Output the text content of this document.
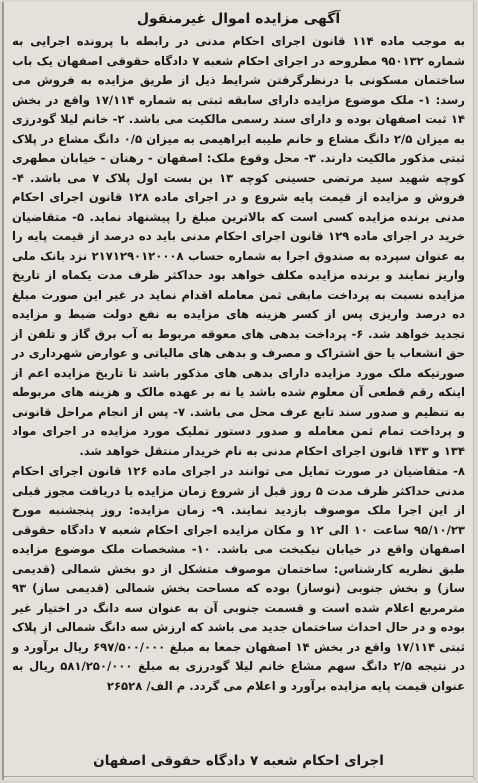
آگهی مزایده اموال غیرمنقول

به موجب ماده ۱۱۴ قانون اجرای احکام مدنی در رابطه با پرونده اجرایی به شماره ۹۵۰۱۳۲ مطروحه در اجرای احکام شعبه ۷ دادگاه حقوقی اصفهان یک باب ساختمان مسکونی با درنظرگرفتن شرایط ذیل از طریق مزایده به فروش می رسد: ۱- ملک موضوع مزایده دارای سابقه ثبتی به شماره ۱۷/۱۱۴ واقع در بخش ۱۴ ثبت اصفهان بوده و دارای سند رسمی مالکیت می باشد. ۲- خانم لیلا گودرزی به میزان ۲/۵ دانگ مشاع و خانم طیبه ابراهیمی به میزان ۰/۵ دانگ مشاع در پلاک ثبتی مذکور مالکیت دارند. ۳- محل وقوع ملک: اصفهان - رهنان - خیابان مطهری کوچه شهید سید مرتضی حسینی کوچه ۱۳ بن بست اول پلاک ۷ می باشد. ۴- فروش و مزایده از قیمت پایه شروع و در اجرای ماده ۱۲۸ قانون اجرای احکام مدنی برنده مزایده کسی است که بالاترین مبلغ را پیشنهاد نماید. ۵- متقاضیان خرید در اجرای ماده ۱۲۹ قانون اجرای احکام مدنی باید ده درصد از قیمت پایه را به عنوان سپرده به صندوق اجرا به شماره حساب ۲۱۷۱۲۹۰۱۲۰۰۰۸ نزد بانک ملی واریز نمایند و برنده مزایده مکلف خواهد بود حداکثر ظرف مدت یکماه از تاریخ مزایده نسبت به پرداخت مابقی ثمن معامله اقدام نماید در غیر این صورت مبلغ ده درصد واریزی پس از کسر هزینه های مزایده به نفع دولت ضبط و مزایده تجدید خواهد شد. ۶- پرداخت بدهی های معوقه مربوط به آب برق گاز و تلفن از حق انشعاب یا حق اشتراک و مصرف و بدهی های مالیاتی و عوارض شهرداری در صورتیکه ملک مورد مزایده دارای بدهی های مذکور باشد تا تاریخ مزایده اعم از اینکه رقم قطعی آن معلوم شده باشد یا نه بر عهده مالک و هزینه های مربوطه به تنظیم و صدور سند تابع عرف محل می باشد. ۷- پس از انجام مراحل قانونی و پرداخت تمام ثمن معامله و صدور دستور تملیک مورد مزایده در اجرای مواد ۱۳۴ و ۱۴۳ قانون اجرای احکام مدنی به نام خریدار منتقل خواهد شد.

۸- متقاضیان در صورت تمایل می توانند در اجرای ماده ۱۲۶ قانون اجرای احکام مدنی حداکثر ظرف مدت ۵ روز قبل از شروع زمان مزایده با دریافت مجوز قبلی از این اجرا ملک موصوف بازدید نمایند. ۹- زمان مزایده: روز پنجشنبه مورخ ۹۵/۱۰/۲۳ ساعت ۱۰ الی ۱۲ و مکان مزایده اجرای احکام شعبه ۷ دادگاه حقوقی اصفهان واقع در خیابان نیکبخت می باشد. ۱۰- مشخصات ملک موضوع مزایده طبق نظریه کارشناس: ساختمان موصوف متشکل از دو بخش شمالی (قدیمی ساز) و بخش جنوبی (نوساز) بوده که مساحت بخش شمالی (قدیمی ساز) ۹۳ مترمربع اعلام شده است و قسمت جنوبی آن به عنوان سه دانگ در اختیار غیر بوده و در حال احداث ساختمان جدید می باشد که ارزش سه دانگ شمالی از پلاک ثبتی ۱۷/۱۱۴ واقع در بخش ۱۴ اصفهان جمعا به مبلغ ۶۹۷/۵۰۰/۰۰۰ ریال برآورد و در نتیجه ۲/۵ دانگ سهم مشاع خانم لیلا گودرزی به مبلغ ۵۸۱/۲۵۰/۰۰۰ ریال به عنوان قیمت پایه مزایده برآورد و اعلام می گردد. م الف/ ۲۶۵۲۸

اجرای احکام شعبه ۷ دادگاه حقوقی اصفهان
